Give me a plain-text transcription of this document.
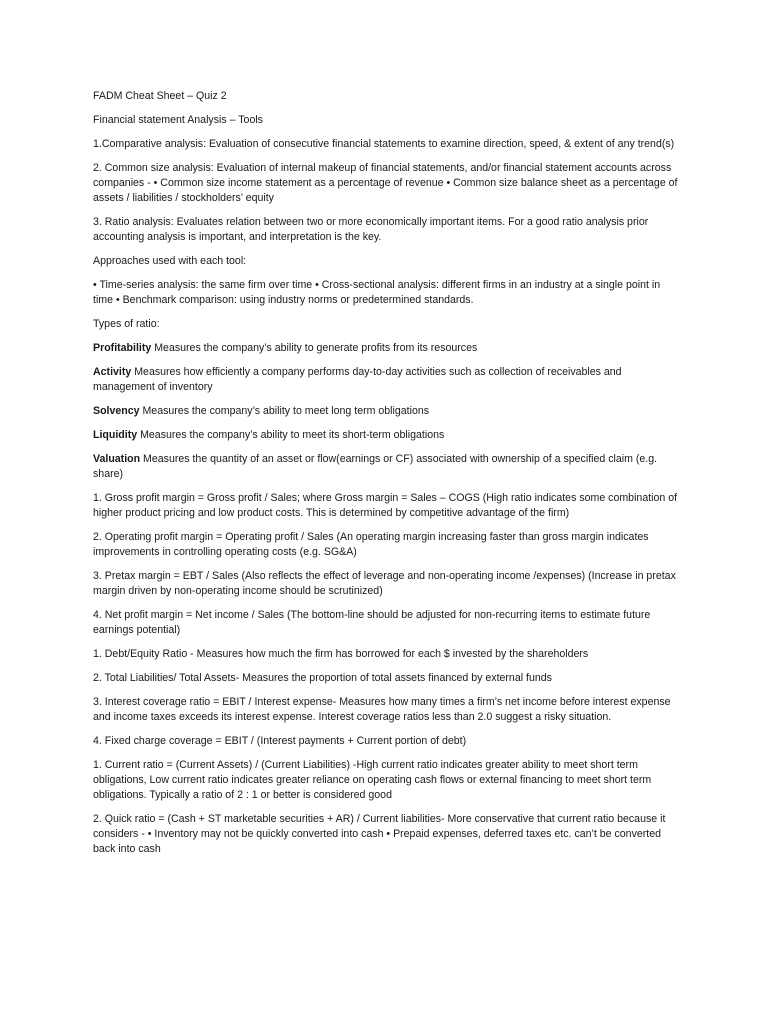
FADM Cheat Sheet – Quiz 2

Financial statement Analysis – Tools

1.Comparative analysis: Evaluation of consecutive financial statements to examine direction, speed, & extent of any trend(s)

2. Common size analysis: Evaluation of internal makeup of financial statements, and/or financial statement accounts across companies - • Common size income statement as a percentage of revenue • Common size balance sheet as a percentage of assets / liabilities / stockholders’ equity

3. Ratio analysis: Evaluates relation between two or more economically important items. For a good ratio analysis prior accounting analysis is important, and interpretation is the key.

Approaches used with each tool:

• Time-series analysis: the same firm over time • Cross-sectional analysis: different firms in an industry at a single point in time • Benchmark comparison: using industry norms or predetermined standards.

Types of ratio:

Profitability Measures the company’s ability to generate profits from its resources

Activity Measures how efficiently a company performs day-to-day activities such as collection of receivables and management of inventory

Solvency Measures the company’s ability to meet long term obligations

Liquidity Measures the company’s ability to meet its short-term obligations

Valuation Measures the quantity of an asset or flow(earnings or CF) associated with ownership of a specified claim (e.g. share)

1. Gross profit margin = Gross profit / Sales; where Gross margin = Sales – COGS (High ratio indicates some combination of higher product pricing and low product costs. This is determined by competitive advantage of the firm)

2. Operating profit margin = Operating profit / Sales (An operating margin increasing faster than gross margin indicates improvements in controlling operating costs (e.g. SG&A)

3. Pretax margin = EBT / Sales (Also reflects the effect of leverage and non-operating income /expenses) (Increase in pretax margin driven by non-operating income should be scrutinized)

4. Net profit margin = Net income / Sales (The bottom-line should be adjusted for non-recurring items to estimate future earnings potential)

1. Debt/Equity Ratio - Measures how much the firm has borrowed for each $ invested by the shareholders

2. Total Liabilities/ Total Assets- Measures the proportion of total assets financed by external funds

3. Interest coverage ratio = EBIT / Interest expense- Measures how many times a firm’s net income before interest expense and income taxes exceeds its interest expense. Interest coverage ratios less than 2.0 suggest a risky situation.

4. Fixed charge coverage = EBIT / (Interest payments + Current portion of debt)

1. Current ratio = (Current Assets) / (Current Liabilities) -High current ratio indicates greater ability to meet short term obligations, Low current ratio indicates greater reliance on operating cash flows or external financing to meet short term obligations. Typically a ratio of 2 : 1 or better is considered good

2. Quick ratio = (Cash + ST marketable securities + AR) / Current liabilities- More conservative that current ratio because it considers - • Inventory may not be quickly converted into cash • Prepaid expenses, deferred taxes etc. can’t be converted back into cash
